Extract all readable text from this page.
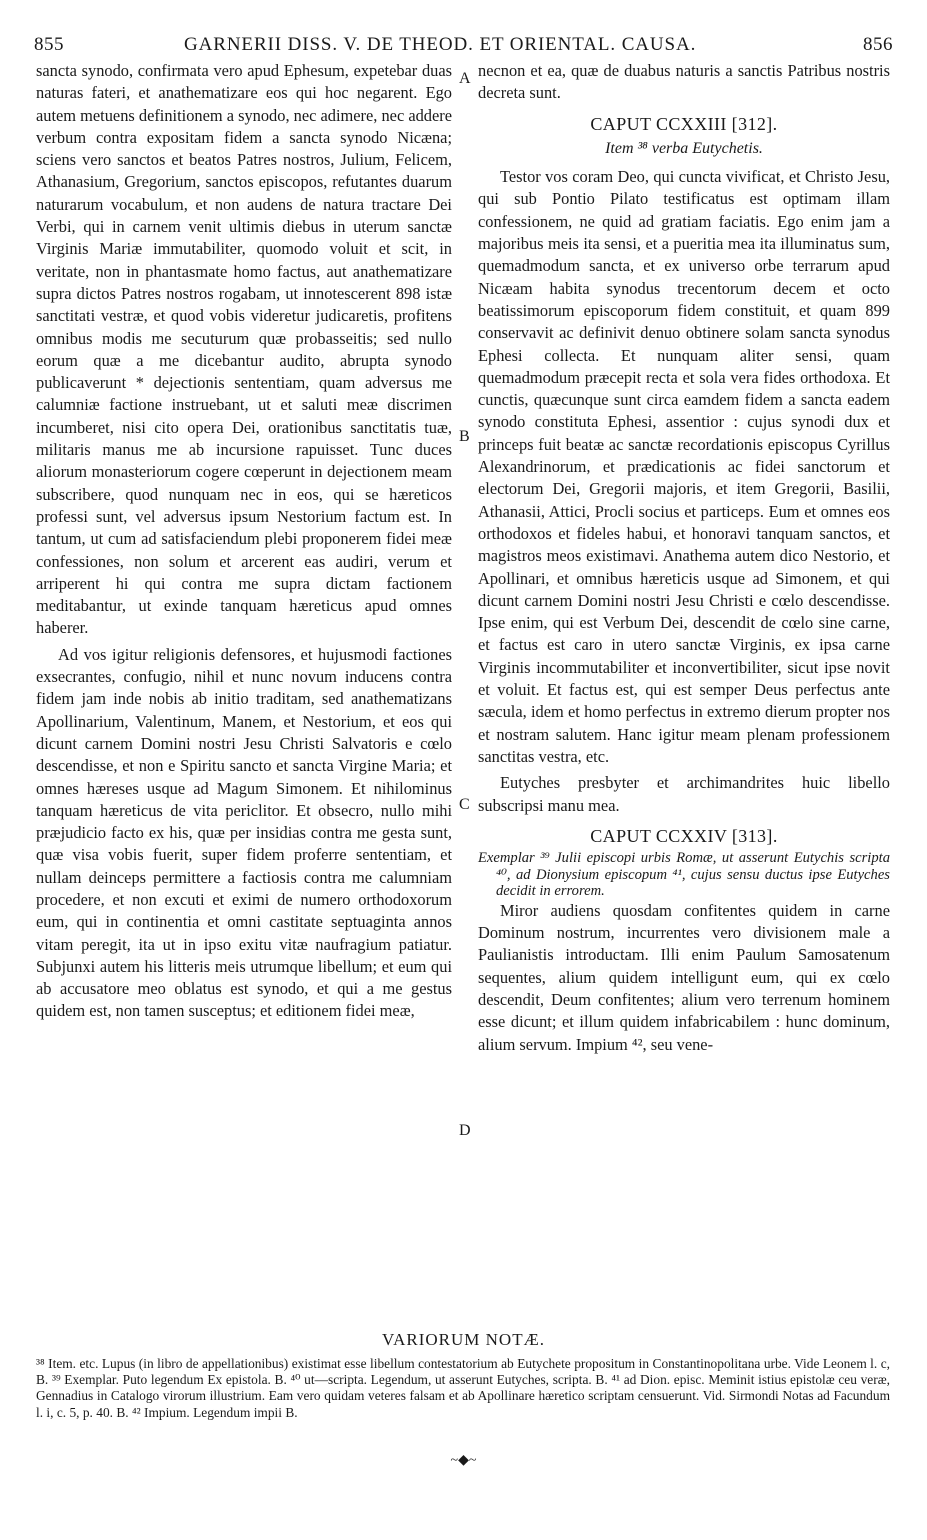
855	GARNERII DISS. V. DE THEOD. ET ORIENTAL. CAUSA.	856

sancta synodo, confirmata vero apud Ephesum, expetebar duas naturas fateri, et anathematizare eos qui hoc negarent. Ego autem metuens definitionem a synodo, nec adimere, nec addere verbum contra expositam fidem a sancta synodo Nicæna; sciens vero sanctos et beatos Patres nostros, Julium, Felicem, Athanasium, Gregorium, sanctos episcopos, refutantes duarum naturarum vocabulum, et non audens de natura tractare Dei Verbi, qui in carnem venit ultimis diebus in uterum sanctæ Virginis Mariæ immutabiliter, quomodo voluit et scit, in veritate, non in phantasmate homo factus, aut anathematizare supra dictos Patres nostros rogabam, ut innotescerent 898 istæ sanctitati vestræ, et quod vobis videretur judicaretis, profitens omnibus modis me secuturum quæ probasseitis; sed nullo eorum quæ a me dicebantur audito, abrupta synodo publicaverunt * dejectionis sententiam, quam adversus me calumniæ factione instruebant, ut et saluti meæ discrimen incumberet, nisi cito opera Dei, orationibus sanctitatis tuæ, militaris manus me ab incursione rapuisset. Tunc duces aliorum monasteriorum cogere cœperunt in dejectionem meam subscribere, quod nunquam nec in eos, qui se hæreticos professi sunt, vel adversus ipsum Nestorium factum est. In tantum, ut cum ad satisfaciendum plebi proponerem fidei meæ confessiones, non solum et arcerent eas audiri, verum et arriperent hi qui contra me supra dictam factionem meditabantur, ut exinde tanquam hæreticus apud omnes haberer.

Ad vos igitur religionis defensores, et hujusmodi factiones exsecrantes, confugio, nihil et nunc novum inducens contra fidem jam inde nobis ab initio traditam, sed anathematizans Apollinarium, Valentinum, Manem, et Nestorium, et eos qui dicunt carnem Domini nostri Jesu Christi Salvatoris e cœlo descendisse, et non e Spiritu sancto et sancta Virgine Maria; et omnes hæreses usque ad Magum Simonem. Et nihilominus tanquam hæreticus de vita periclitor. Et obsecro, nullo mihi præjudicio facto ex his, quæ per insidias contra me gesta sunt, quæ visa vobis fuerit, super fidem proferre sententiam, et nullam deinceps permittere a factiosis contra me calumniam procedere, et non excuti et eximi de numero orthodoxorum eum, qui in continentia et omni castitate septuaginta annos vitam peregit, ita ut in ipso exitu vitæ naufragium patiatur. Subjunxi autem his litteris meis utrumque libellum; et eum qui ab accusatore meo oblatus est synodo, et qui a me gestus quidem est, non tamen susceptus; et editionem fidei meæ,

A
B
C
D

necnon et ea, quæ de duabus naturis a sanctis Patribus nostris decreta sunt.

CAPUT CCXXIII [312].
Item ³⁸ verba Eutychetis.

Testor vos coram Deo, qui cuncta vivificat, et Christo Jesu, qui sub Pontio Pilato testificatus est optimam illam confessionem, ne quid ad gratiam faciatis. Ego enim jam a majoribus meis ita sensi, et a pueritia mea ita illuminatus sum, quemadmodum sancta, et ex universo orbe terrarum apud Nicæam habita synodus trecentorum decem et octo beatissimorum episcoporum fidem constituit, et quam 899 conservavit ac definivit denuo obtinere solam sancta synodus Ephesi collecta. Et nunquam aliter sensi, quam quemadmodum præcepit recta et sola vera fides orthodoxa. Et cunctis, quæcunque sunt circa eamdem fidem a sancta eadem synodo constituta Ephesi, assentior : cujus synodi dux et princeps fuit beatæ ac sanctæ recordationis episcopus Cyrillus Alexandrinorum, et prædicationis ac fidei sanctorum et electorum Dei, Gregorii majoris, et item Gregorii, Basilii, Athanasii, Attici, Procli socius et particeps. Eum et omnes eos orthodoxos et fideles habui, et honoravi tanquam sanctos, et magistros meos existimavi. Anathema autem dico Nestorio, et Apollinari, et omnibus hæreticis usque ad Simonem, et qui dicunt carnem Domini nostri Jesu Christi e cœlo descendisse. Ipse enim, qui est Verbum Dei, descendit de cœlo sine carne, et factus est caro in utero sanctæ Virginis, ex ipsa carne Virginis incommutabiliter et inconvertibiliter, sicut ipse novit et voluit. Et factus est, qui est semper Deus perfectus ante sæcula, idem et homo perfectus in extremo dierum propter nos et nostram salutem. Hanc igitur meam plenam professionem sanctitas vestra, etc.

Eutyches presbyter et archimandrites huic libello subscripsi manu mea.

CAPUT CCXXIV [313].

Exemplar ³⁹ Julii episcopi urbis Romæ, ut asserunt Eutychis scripta ⁴⁰, ad Dionysium episcopum ⁴¹, cujus sensu ductus ipse Eutyches decidit in errorem.

Miror audiens quosdam confitentes quidem in carne Dominum nostrum, incurrentes vero divisionem male a Paulianistis introductam. Illi enim Paulum Samosatenum sequentes, alium quidem intelligunt eum, qui ex cœlo descendit, Deum confitentes; alium vero terrenum hominem esse dicunt; et illum quidem infabricabilem : hunc dominum, alium servum. Impium ⁴², seu vene-

VARIORUM NOTÆ.

³⁸ Item. etc. Lupus (in libro de appellationibus) existimat esse libellum contestatorium ab Eutychete propositum in Constantinopolitana urbe. Vide Leonem l. c, B. ³⁹ Exemplar. Puto legendum Ex epistola. B. ⁴⁰ ut—scripta. Legendum, ut asserunt Eutyches, scripta. B. ⁴¹ ad Dion. episc. Meminit istius epistolæ ceu veræ, Gennadius in Catalogo virorum illustrium. Eam vero quidam veteres falsam et ab Apollinare hæretico scriptam censuerunt. Vid. Sirmondi Notas ad Facundum l. i, c. 5, p. 40. B. ⁴² Impium. Legendum impii B.

~◆~
